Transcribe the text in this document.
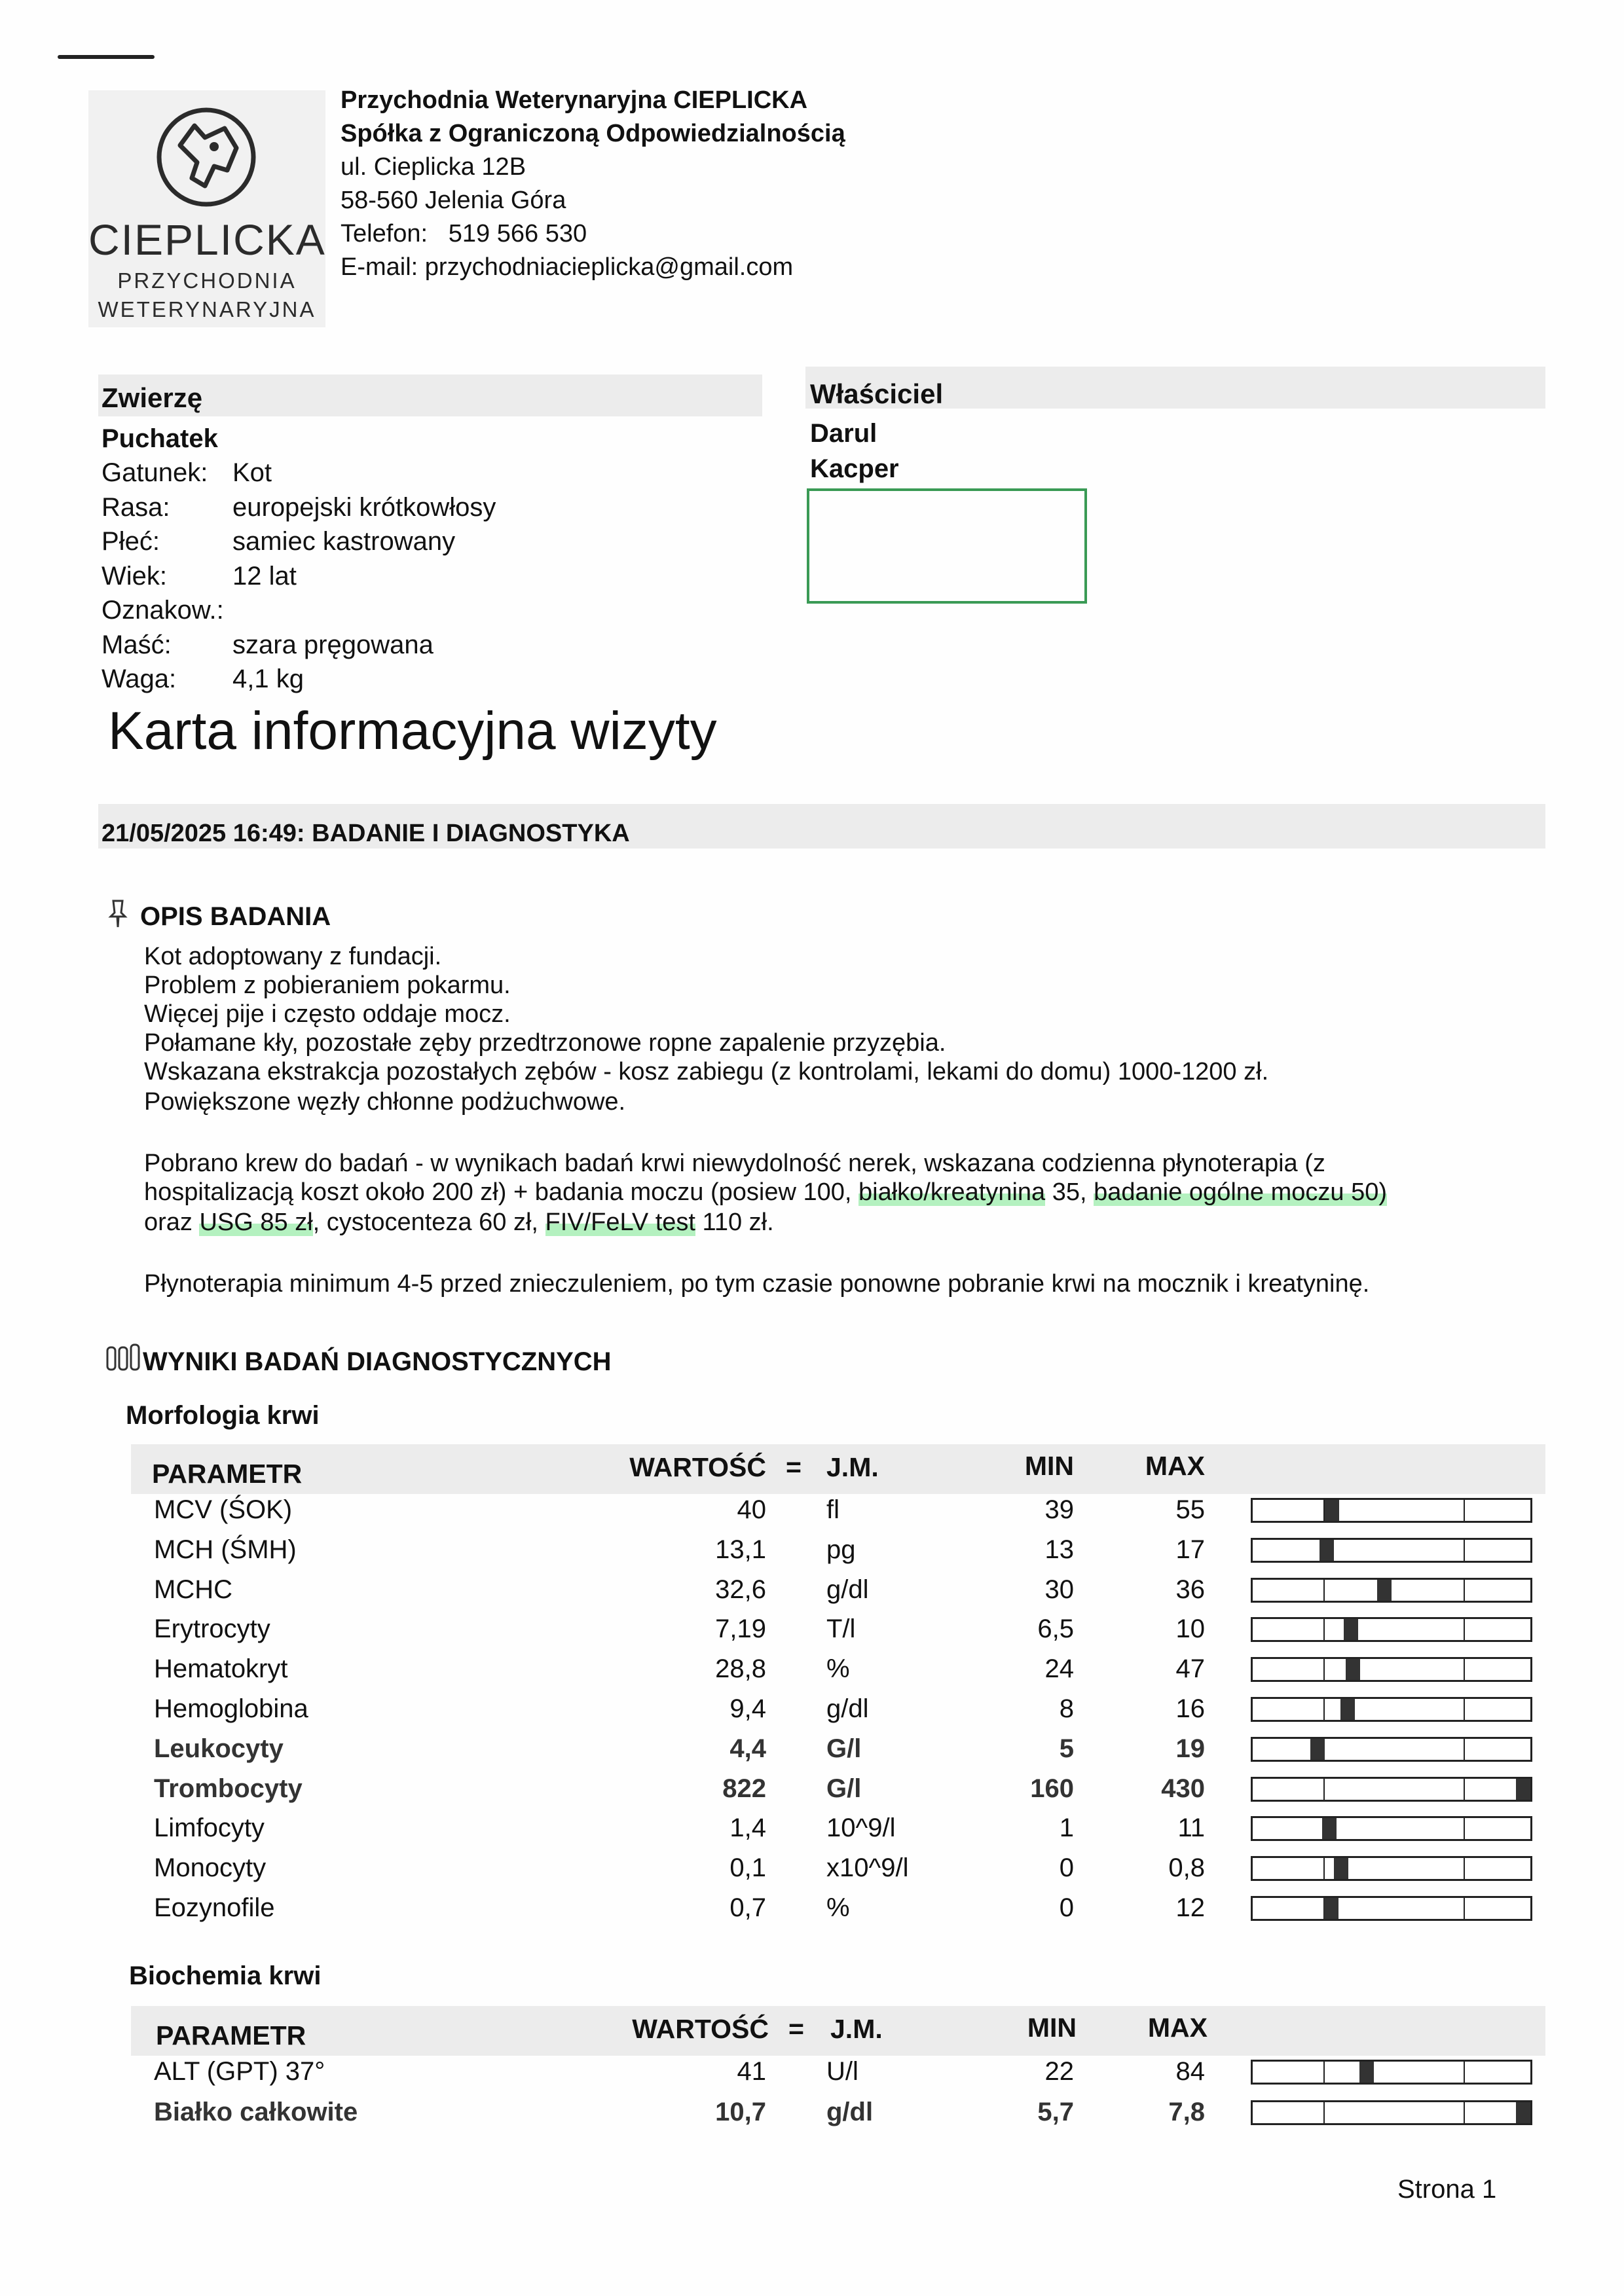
CIEPLICKA
PRZYCHODNIA
WETERYNARYJNA
Przychodnia Weterynaryjna CIEPLICKA
Spółka z Ograniczoną Odpowiedzialnością
ul. Cieplicka 12B
58-560 Jelenia Góra
Telefon: 519 566 530
E-mail: przychodniacieplicka@gmail.com
Zwierzę	Właściciel
Puchatek
Gatunek: Kot
Rasa: europejski krótkowłosy
Płeć:	samiec kastrowany
Wiek:	12 lat
Oznakow.:
Maść: szara pręgowana
Waga: 4,1 kg
Darul
Kacper
Karta informacyjna wizyty
21/05/2025 16:49: BADANIE I DIAGNOSTYKA
OPIS BADANIA
Kot adoptowany z fundacji.
Problem z pobieraniem pokarmu.
Więcej pije i często oddaje mocz.
Połamane kły, pozostałe zęby przedtrzonowe ropne zapalenie przyzębia.
Wskazana ekstrakcja pozostałych zębów - kosz zabiegu (z kontrolami, lekami do domu) 1000-1200 zł.
Powiększone węzły chłonne podżuchwowe.
Pobrano krew do badań - w wynikach badań krwi niewydolność nerek, wskazana codzienna płynoterapia (z
hospitalizacją koszt około 200 zł) + badania moczu (posiew 100, białko/kreatynina 35, badanie ogólne moczu 50)
oraz USG 85 zł, cystocenteza 60 zł, FIV/FeLV test 110 zł.
Płynoterapia minimum 4-5 przed znieczuleniem, po tym czasie ponowne pobranie krwi na mocznik i kreatyninę.
WYNIKI BADAŃ DIAGNOSTYCZNYCH
Morfologia krwi
PARAMETR	WARTOŚĆ = J.M.	MIN	MAX
MCV (ŚOK)	40 fl	39	55
MCH (ŚMH)	13,1 pg	13	17
MCHC	32,6 g/dl	30	36
Erytrocyty	7,19 T/l	6,5	10
Hematokryt	28,8 %	24	47
Hemoglobina	9,4 g/dl	8	16
Leukocyty	4,4 G/l	5	19
Trombocyty	822 G/l	160	430
Limfocyty	1,4 10^9/l	1	11
Monocyty	0,1 x10^9/l	0	0,8
Eozynofile	0,7 %	0	12
Biochemia krwi
PARAMETR	WARTOŚĆ = J.M.	MIN	MAX
ALT (GPT) 37°	41 U/l	22	84
Białko całkowite	10,7 g/dl	5,7	7,8
Strona 1
